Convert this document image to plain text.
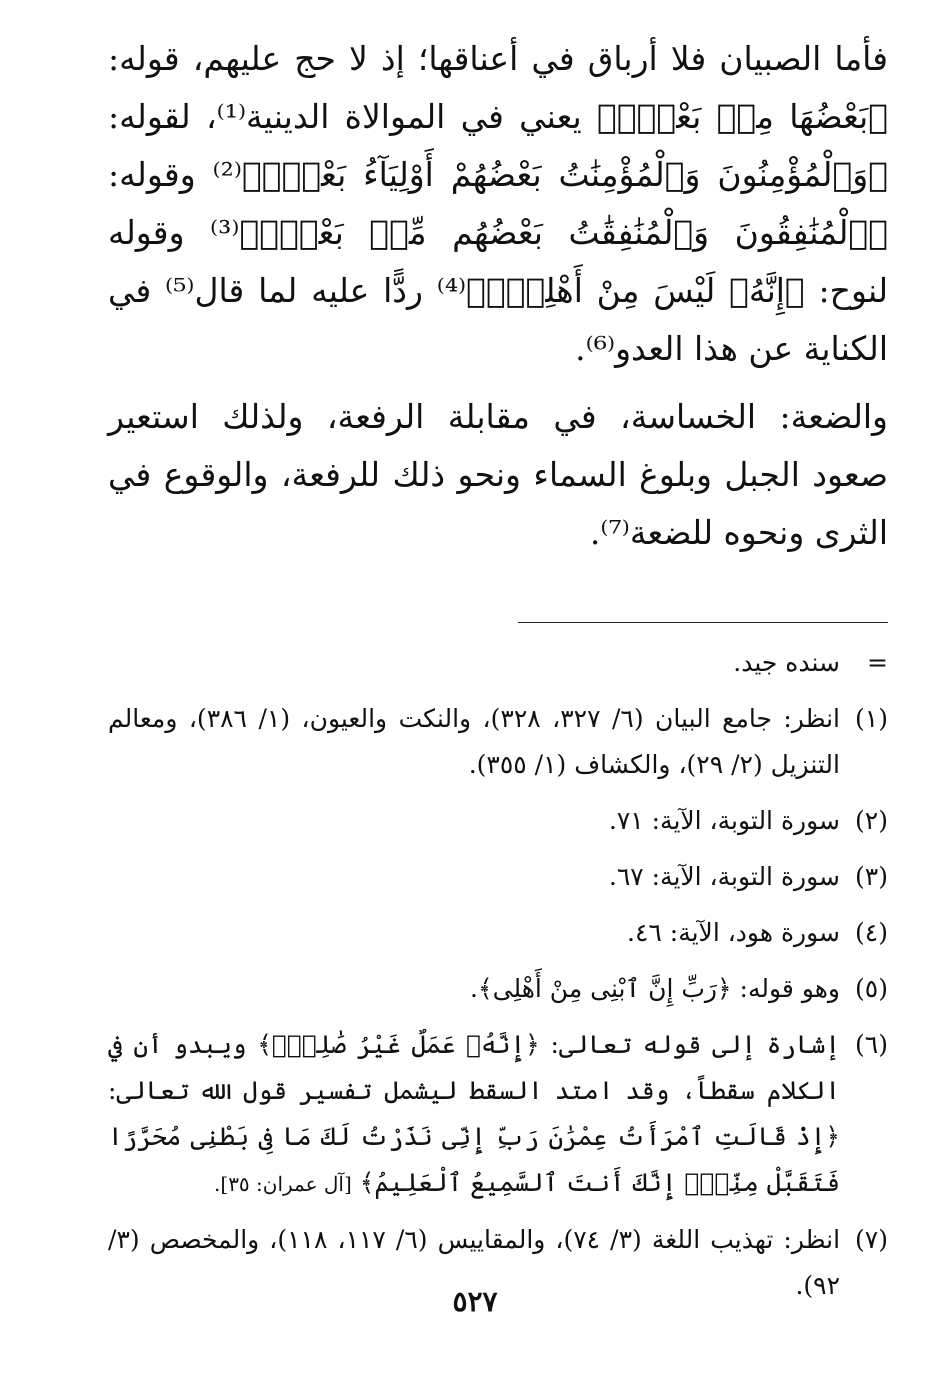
فأما الصبيان فلا أرباق في أعناقها؛ إذ لا حج عليهم، قوله: ﴿بَعْضُهَا مِنۢ بَعْضٍۗ﴾ يعني في الموالاة الدينية⁽¹⁾، لقوله: ﴿وَٱلْمُؤْمِنُونَ وَٱلْمُؤْمِنَٰتُ بَعْضُهُمْ أَوْلِيَآءُ بَعْضٍۚ﴾⁽²⁾ وقوله: ﴿ٱلْمُنَٰفِقُونَ وَٱلْمُنَٰفِقَٰتُ بَعْضُهُم مِّنۢ بَعْضٍۚ﴾⁽³⁾ وقوله لنوح: ﴿إِنَّهُۥ لَيْسَ مِنْ أَهْلِكَۖ﴾⁽⁴⁾ ردًّا عليه لما قال⁽⁵⁾ في الكناية عن هذا العدو⁽⁶⁾.

والضعة: الخساسة، في مقابلة الرفعة، ولذلك استعير صعود الجبل وبلوغ السماء ونحو ذلك للرفعة، والوقوع في الثرى ونحوه للضعة⁽⁷⁾.

=
سنده جيد.
(١)
انظر: جامع البيان (٦/ ٣٢٧، ٣٢٨)، والنكت والعيون، (١/ ٣٨٦)، ومعالم التنزيل (٢/ ٢٩)، والكشاف (١/ ٣٥٥).
(٢)
سورة التوبة، الآية: ٧١.
(٣)
سورة التوبة، الآية: ٦٧.
(٤)
سورة هود، الآية: ٤٦.
(٥)
وهو قوله: ﴿رَبِّ إِنَّ ٱبْنِى مِنْ أَهْلِى﴾.
(٦)
إشارة إلى قوله تعالى: ﴿إِنَّهُۥ عَمَلٌ غَيْرُ صَٰلِحٍۖ﴾ ويبدو أن في الكلام سقطاً، وقد امتد السقط ليشمل تفسير قول الله تعالى: ﴿إِذْ قَالَتِ ٱمْرَأَتُ عِمْرَٰنَ رَبِّ إِنِّى نَذَرْتُ لَكَ مَا فِى بَطْنِى مُحَرَّرًا فَتَقَبَّلْ مِنِّىٓۖ إِنَّكَ أَنتَ ٱلسَّمِيعُ ٱلْعَلِيمُ﴾ [آل عمران: ٣٥].
(٧)
انظر: تهذيب اللغة (٣/ ٧٤)، والمقاييس (٦/ ١١٧، ١١٨)، والمخصص (٣/ ٩٢).
٥٢٧
